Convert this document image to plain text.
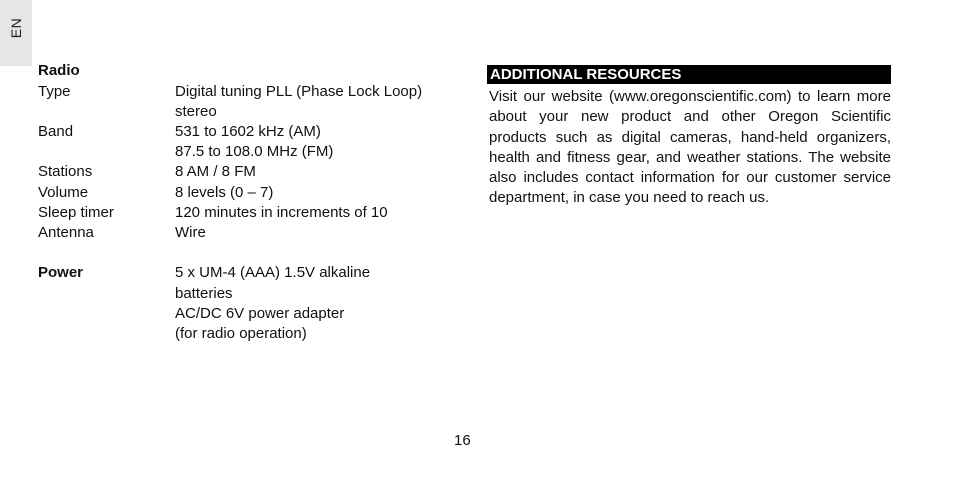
EN
Radio
Type	Digital tuning PLL (Phase Lock Loop)
stereo
Band	531 to 1602 kHz (AM)
87.5 to 108.0 MHz (FM)
Stations	8 AM / 8 FM
Volume	8 levels (0 – 7)
Sleep timer	120 minutes in increments of 10
Antenna	Wire
Power	5 x UM-4 (AAA) 1.5V alkaline
batteries
AC/DC 6V power adapter
(for radio operation)
ADDITIONAL RESOURCES

Visit our website (www.oregonscientific.com) to learn more about your new product and other Oregon Scientific products such as digital cameras, hand-held organizers, health and fitness gear, and weather stations. The website also includes contact information for our customer service department, in case you need to reach us.

16
